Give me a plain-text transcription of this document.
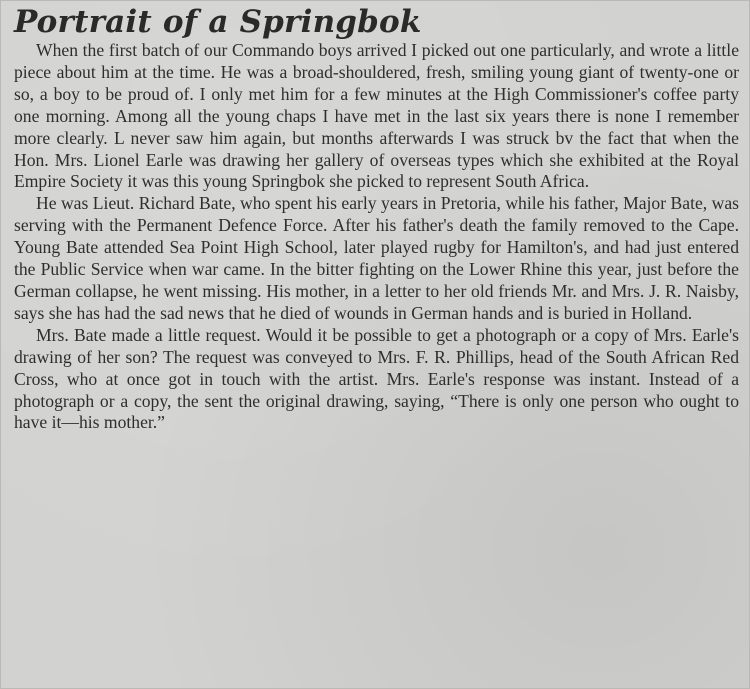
Portrait of a Springbok

When the first batch of our Commando boys arrived I picked out one particularly, and wrote a little piece about him at the time. He was a broad-shouldered, fresh, smiling young giant of twenty-one or so, a boy to be proud of. I only met him for a few minutes at the High Commissioner's coffee party one morning. Among all the young chaps I have met in the last six years there is none I remember more clearly. L never saw him again, but months afterwards I was struck bv the fact that when the Hon. Mrs. Lionel Earle was drawing her gallery of overseas types which she exhibited at the Royal Empire Society it was this young Springbok she picked to represent South Africa.

He was Lieut. Richard Bate, who spent his early years in Pretoria, while his father, Major Bate, was serving with the Permanent Defence Force. After his father's death the family removed to the Cape. Young Bate attended Sea Point High School, later played rugby for Hamilton's, and had just entered the Public Service when war came. In the bitter fighting on the Lower Rhine this year, just before the German collapse, he went missing. His mother, in a letter to her old friends Mr. and Mrs. J. R. Naisby, says she has had the sad news that he died of wounds in German hands and is buried in Holland.

Mrs. Bate made a little request. Would it be possible to get a photograph or a copy of Mrs. Earle's drawing of her son? The request was conveyed to Mrs. F. R. Phillips, head of the South African Red Cross, who at once got in touch with the artist. Mrs. Earle's response was instant. Instead of a photograph or a copy, the sent the original drawing, saying, “There is only one person who ought to have it—his mother.”
